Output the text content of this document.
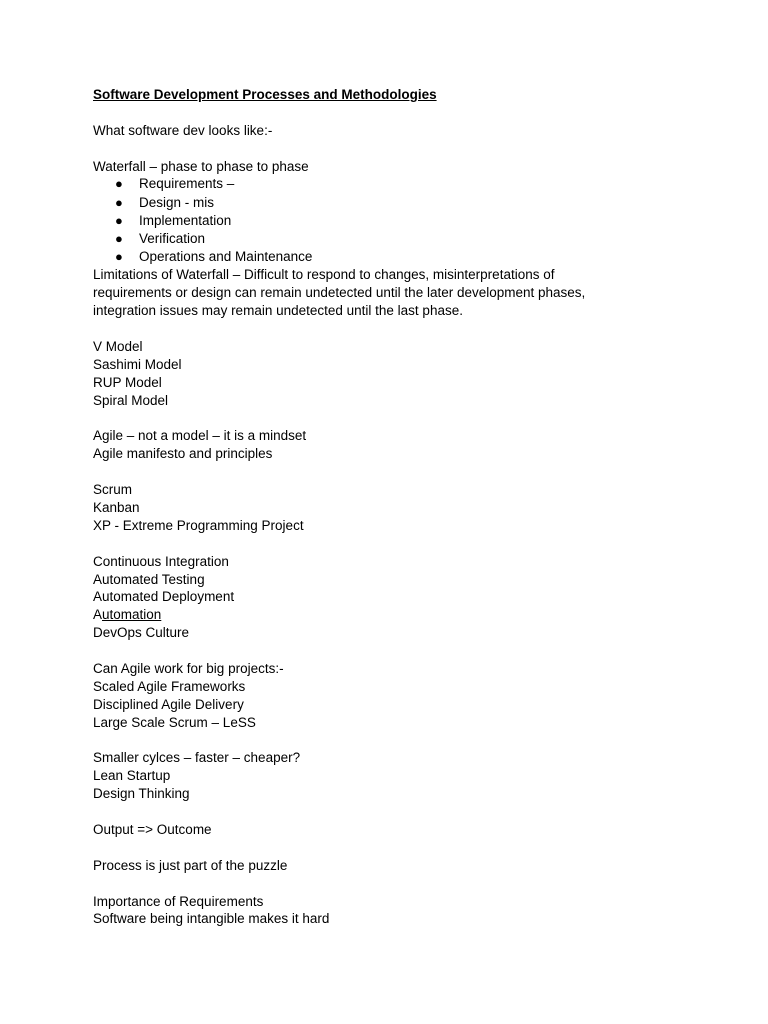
Software Development Processes and Methodologies
What software dev looks like:-
Waterfall – phase to phase to phase
● Requirements –
● Design - mis
● Implementation
● Verification
● Operations and Maintenance
Limitations of Waterfall – Difficult to respond to changes, misinterpretations of
requirements or design can remain undetected until the later development phases,
integration issues may remain undetected until the last phase.
V Model
Sashimi Model
RUP Model
Spiral Model
Agile – not a model – it is a mindset
Agile manifesto and principles
Scrum
Kanban
XP - Extreme Programming Project
Continuous Integration
Automated Testing
Automated Deployment
Automation
DevOps Culture
Can Agile work for big projects:-
Scaled Agile Frameworks
Disciplined Agile Delivery
Large Scale Scrum – LeSS
Smaller cylces – faster – cheaper?
Lean Startup
Design Thinking
Output => Outcome
Process is just part of the puzzle
Importance of Requirements
Software being intangible makes it hard
